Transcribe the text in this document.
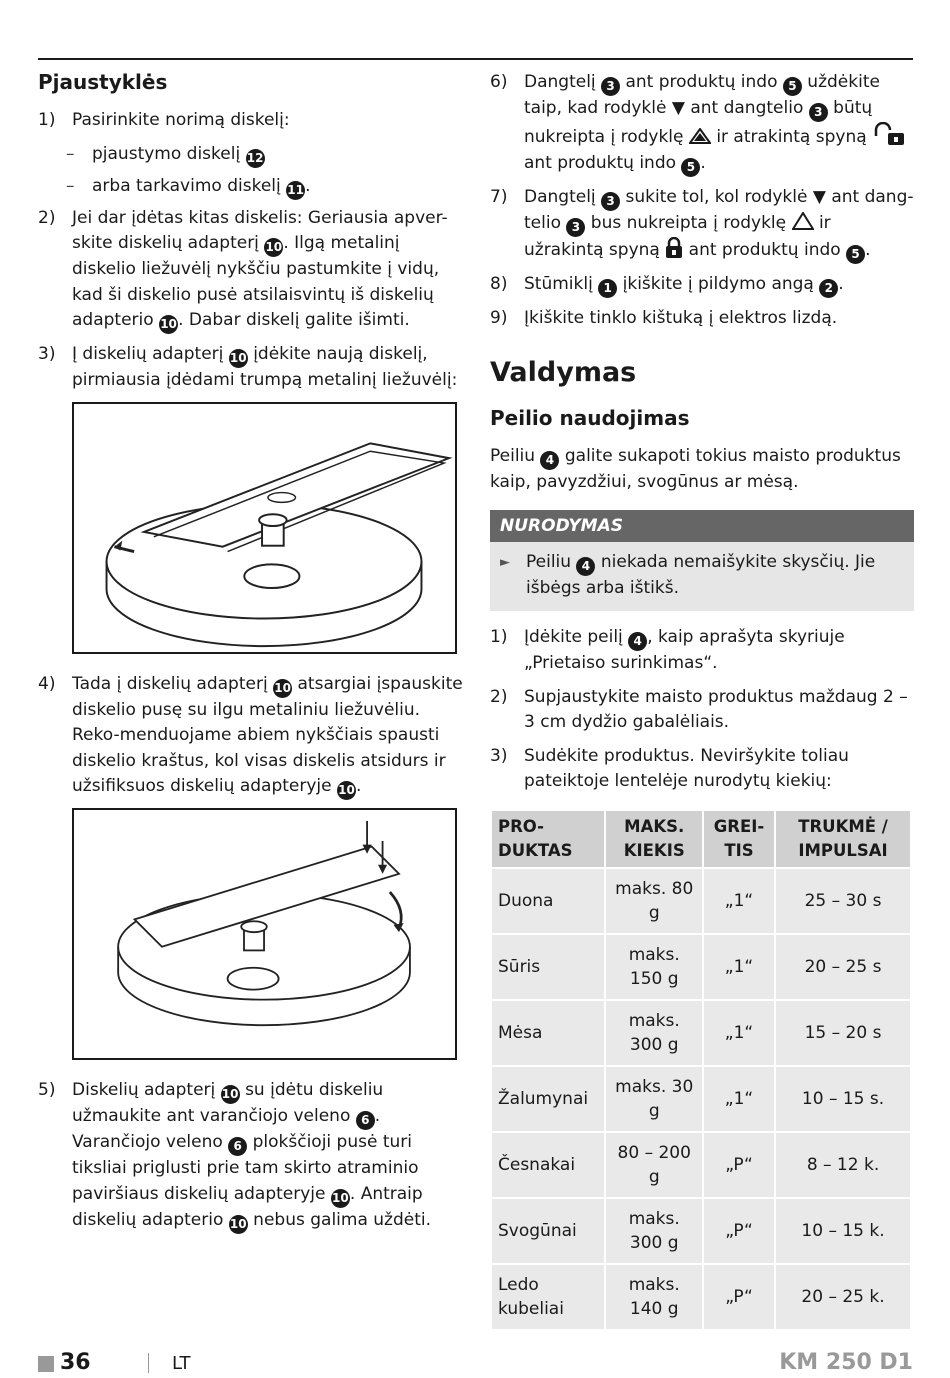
Pjaustyklės
1) Pasirinkite norimą diskelį:
–	pjaustymo diskelį 12
–	arba tarkavimo diskelį 11.
2) Jei dar įdėtas kitas diskelis: Geriausia apver-skite diskelių adapterį 10. Ilgą metalinį diskelio liežuvėlį nykščiu pastumkite į vidų, kad ši diskelio pusė atsilaisvintų iš diskelių adapterio 10. Dabar diskelį galite išimti.
3) Į diskelių adapterį 10 įdėkite naują diskelį, pirmiausia įdėdami trumpą metalinį liežuvėlį:
4) Tada į diskelių adapterį 10 atsargiai įspauskite diskelio pusę su ilgu metaliniu liežuvėliu. Reko-menduojame abiem nykščiais spausti diskelio kraštus, kol visas diskelis atsidurs ir užsifiksuos diskelių adapteryje 10.
5) Diskelių adapterį 10 su įdėtu diskeliu užmaukite ant varančiojo veleno 6 . Varančiojo veleno 6 plokščioji pusė turi tiksliai priglusti prie tam skirto atraminio paviršiaus diskelių adapteryje 10. Antraip diskelių adapterio 10 nebus galima uždėti.
6) Dangtelį 3 ant produktų indo 5 uždėkite taip, kad rodyklė ▼ ant dangtelio 3 būtų nukreipta į rodyklę ir atrakintą spyną  ant produktų indo 5 .
7) Dangtelį 3 sukite tol, kol rodyklė ▼ ant dang-telio 3 bus nukreipta į rodyklę ir užrakintą spyną ant produktų indo 5 .
8) Stūmiklį 1 įkiškite į pildymo angą 2 .
9) Įkiškite tinklo kištuką į elektros lizdą.
Valdymas
Peilio naudojimas
Peiliu 4 galite sukapoti tokius maisto produktus kaip, pavyzdžiui, svogūnus ar mėsą.
NURODYMAS
► Peiliu 4 niekada nemaišykite skysčių. Jie išbėgs arba ištikš.
1) Įdėkite peilį 4 , kaip aprašyta skyriuje „Prietaiso surinkimas“.
2) Supjaustykite maisto produktus maždaug 2 – 3 cm dydžio gabalėliais.
3) Sudėkite produktus. Neviršykite toliau pateiktoje lentelėje nurodytų kiekių:
PRO-DUKTAS	MAKS. KIEKIS	GREI-TIS	TRUKMĖ / IMPULSAI
Duona	maks. 80 g	„1“	25 – 30 s
Sūris	maks. 150 g	„1“	20 – 25 s
Mėsa	maks. 300 g	„1“	15 – 20 s
Žalumynai	maks. 30 g	„1“	10 – 15 s.
Česnakai	80 – 200 g	„P“	8 – 12 k.
Svogūnai	maks. 300 g	„P“	10 – 15 k.
Ledo kubeliai	maks. 140 g	„P“	20 – 25 k.
36	LT	KM 250 D1
